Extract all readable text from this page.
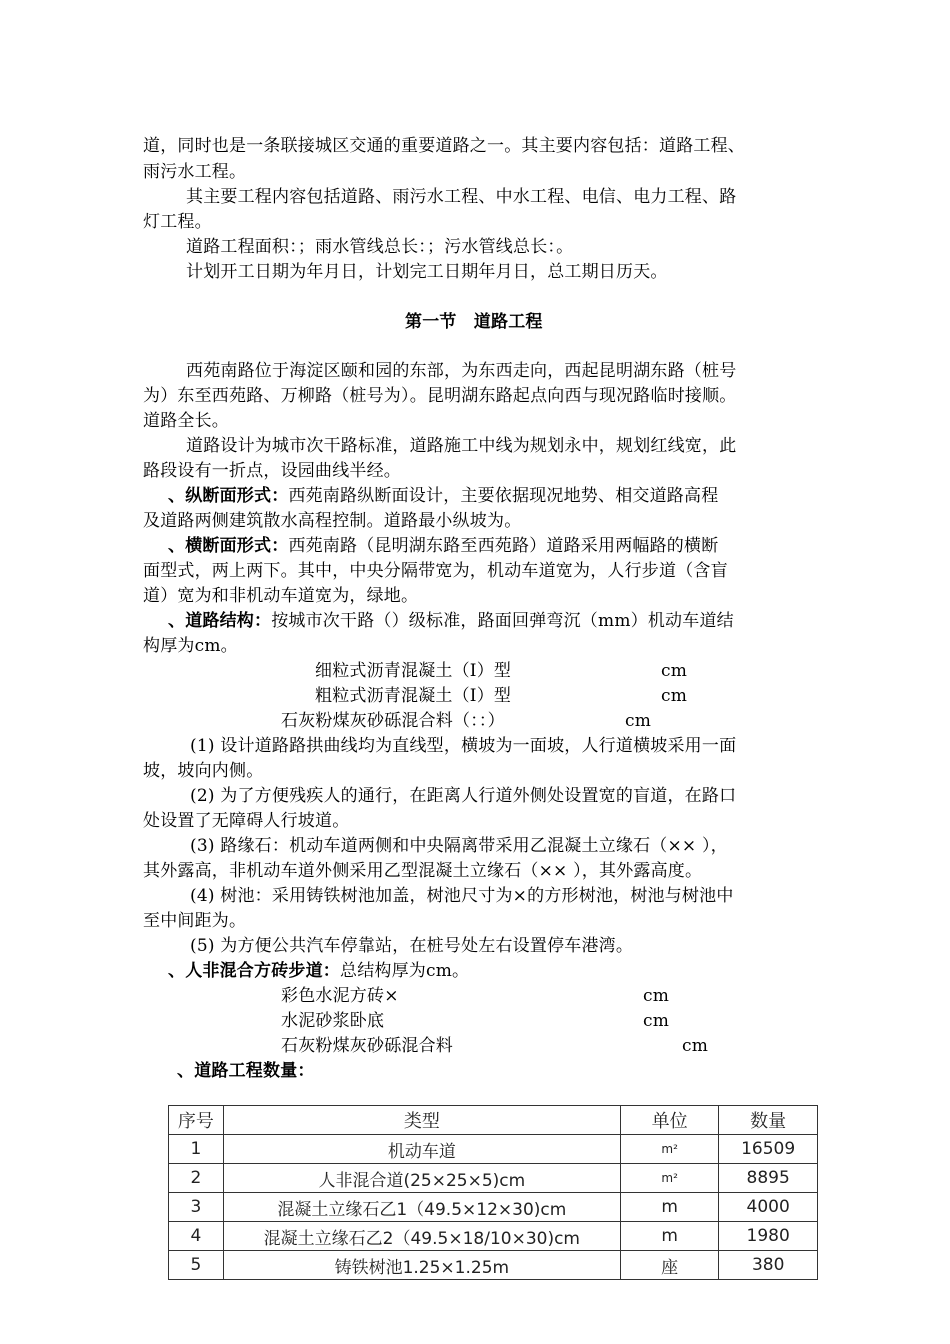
道，同时也是一条联接城区交通的重要道路之一。其主要内容包括：道路工程、
雨污水工程。
其主要工程内容包括道路、雨污水工程、中水工程、电信、电力工程、路
灯工程。
道路工程面积：；雨水管线总长：；污水管线总长：。
计划开工日期为年月日，计划完工日期年月日，总工期日历天。
第一节　道路工程
西苑南路位于海淀区颐和园的东部，为东西走向，西起昆明湖东路（桩号
为）东至西苑路、万柳路（桩号为）。昆明湖东路起点向西与现况路临时接顺。
道路全长。
道路设计为城市次干路标准，道路施工中线为规划永中，规划红线宽，此
路段设有一折点，设园曲线半经。
、纵断面形式：西苑南路纵断面设计，主要依据现况地势、相交道路高程
及道路两侧建筑散水高程控制。道路最小纵坡为。
、横断面形式：西苑南路（昆明湖东路至西苑路）道路采用两幅路的横断
面型式，两上两下。其中，中央分隔带宽为，机动车道宽为，人行步道（含盲
道）宽为和非机动车道宽为，绿地。
、道路结构：按城市次干路（）级标准，路面回弹弯沉（mm）机动车道结
构厚为cm。
细粒式沥青混凝土（Ⅰ）型	cm
粗粒式沥青混凝土（Ⅰ）型	cm
石灰粉煤灰砂砾混合料（：：）	cm
(1) 设计道路路拱曲线均为直线型，横坡为一面坡，人行道横坡采用一面
坡，坡向内侧。
(2) 为了方便残疾人的通行，在距离人行道外侧处设置宽的盲道，在路口
处设置了无障碍人行坡道。
(3) 路缘石：机动车道两侧和中央隔离带采用乙混凝土立缘石（×× ），
其外露高，非机动车道外侧采用乙型混凝土立缘石（×× ），其外露高度。
(4) 树池：采用铸铁树池加盖，树池尺寸为×的方形树池，树池与树池中
至中间距为。
(5) 为方便公共汽车停靠站，在桩号处左右设置停车港湾。
、人非混合方砖步道：总结构厚为cm。
彩色水泥方砖×	cm
水泥砂浆卧底	cm
石灰粉煤灰砂砾混合料	cm
、道路工程数量：
序号	类型	单位	数量
1	机动车道	m²	16509
2	人非混合道(25×25×5)cm	m²	8895
3	混凝土立缘石乙1（49.5×12×30)cm	m	4000
4	混凝土立缘石乙2（49.5×18/10×30)cm	m	1980
5	铸铁树池1.25×1.25m	座	380
